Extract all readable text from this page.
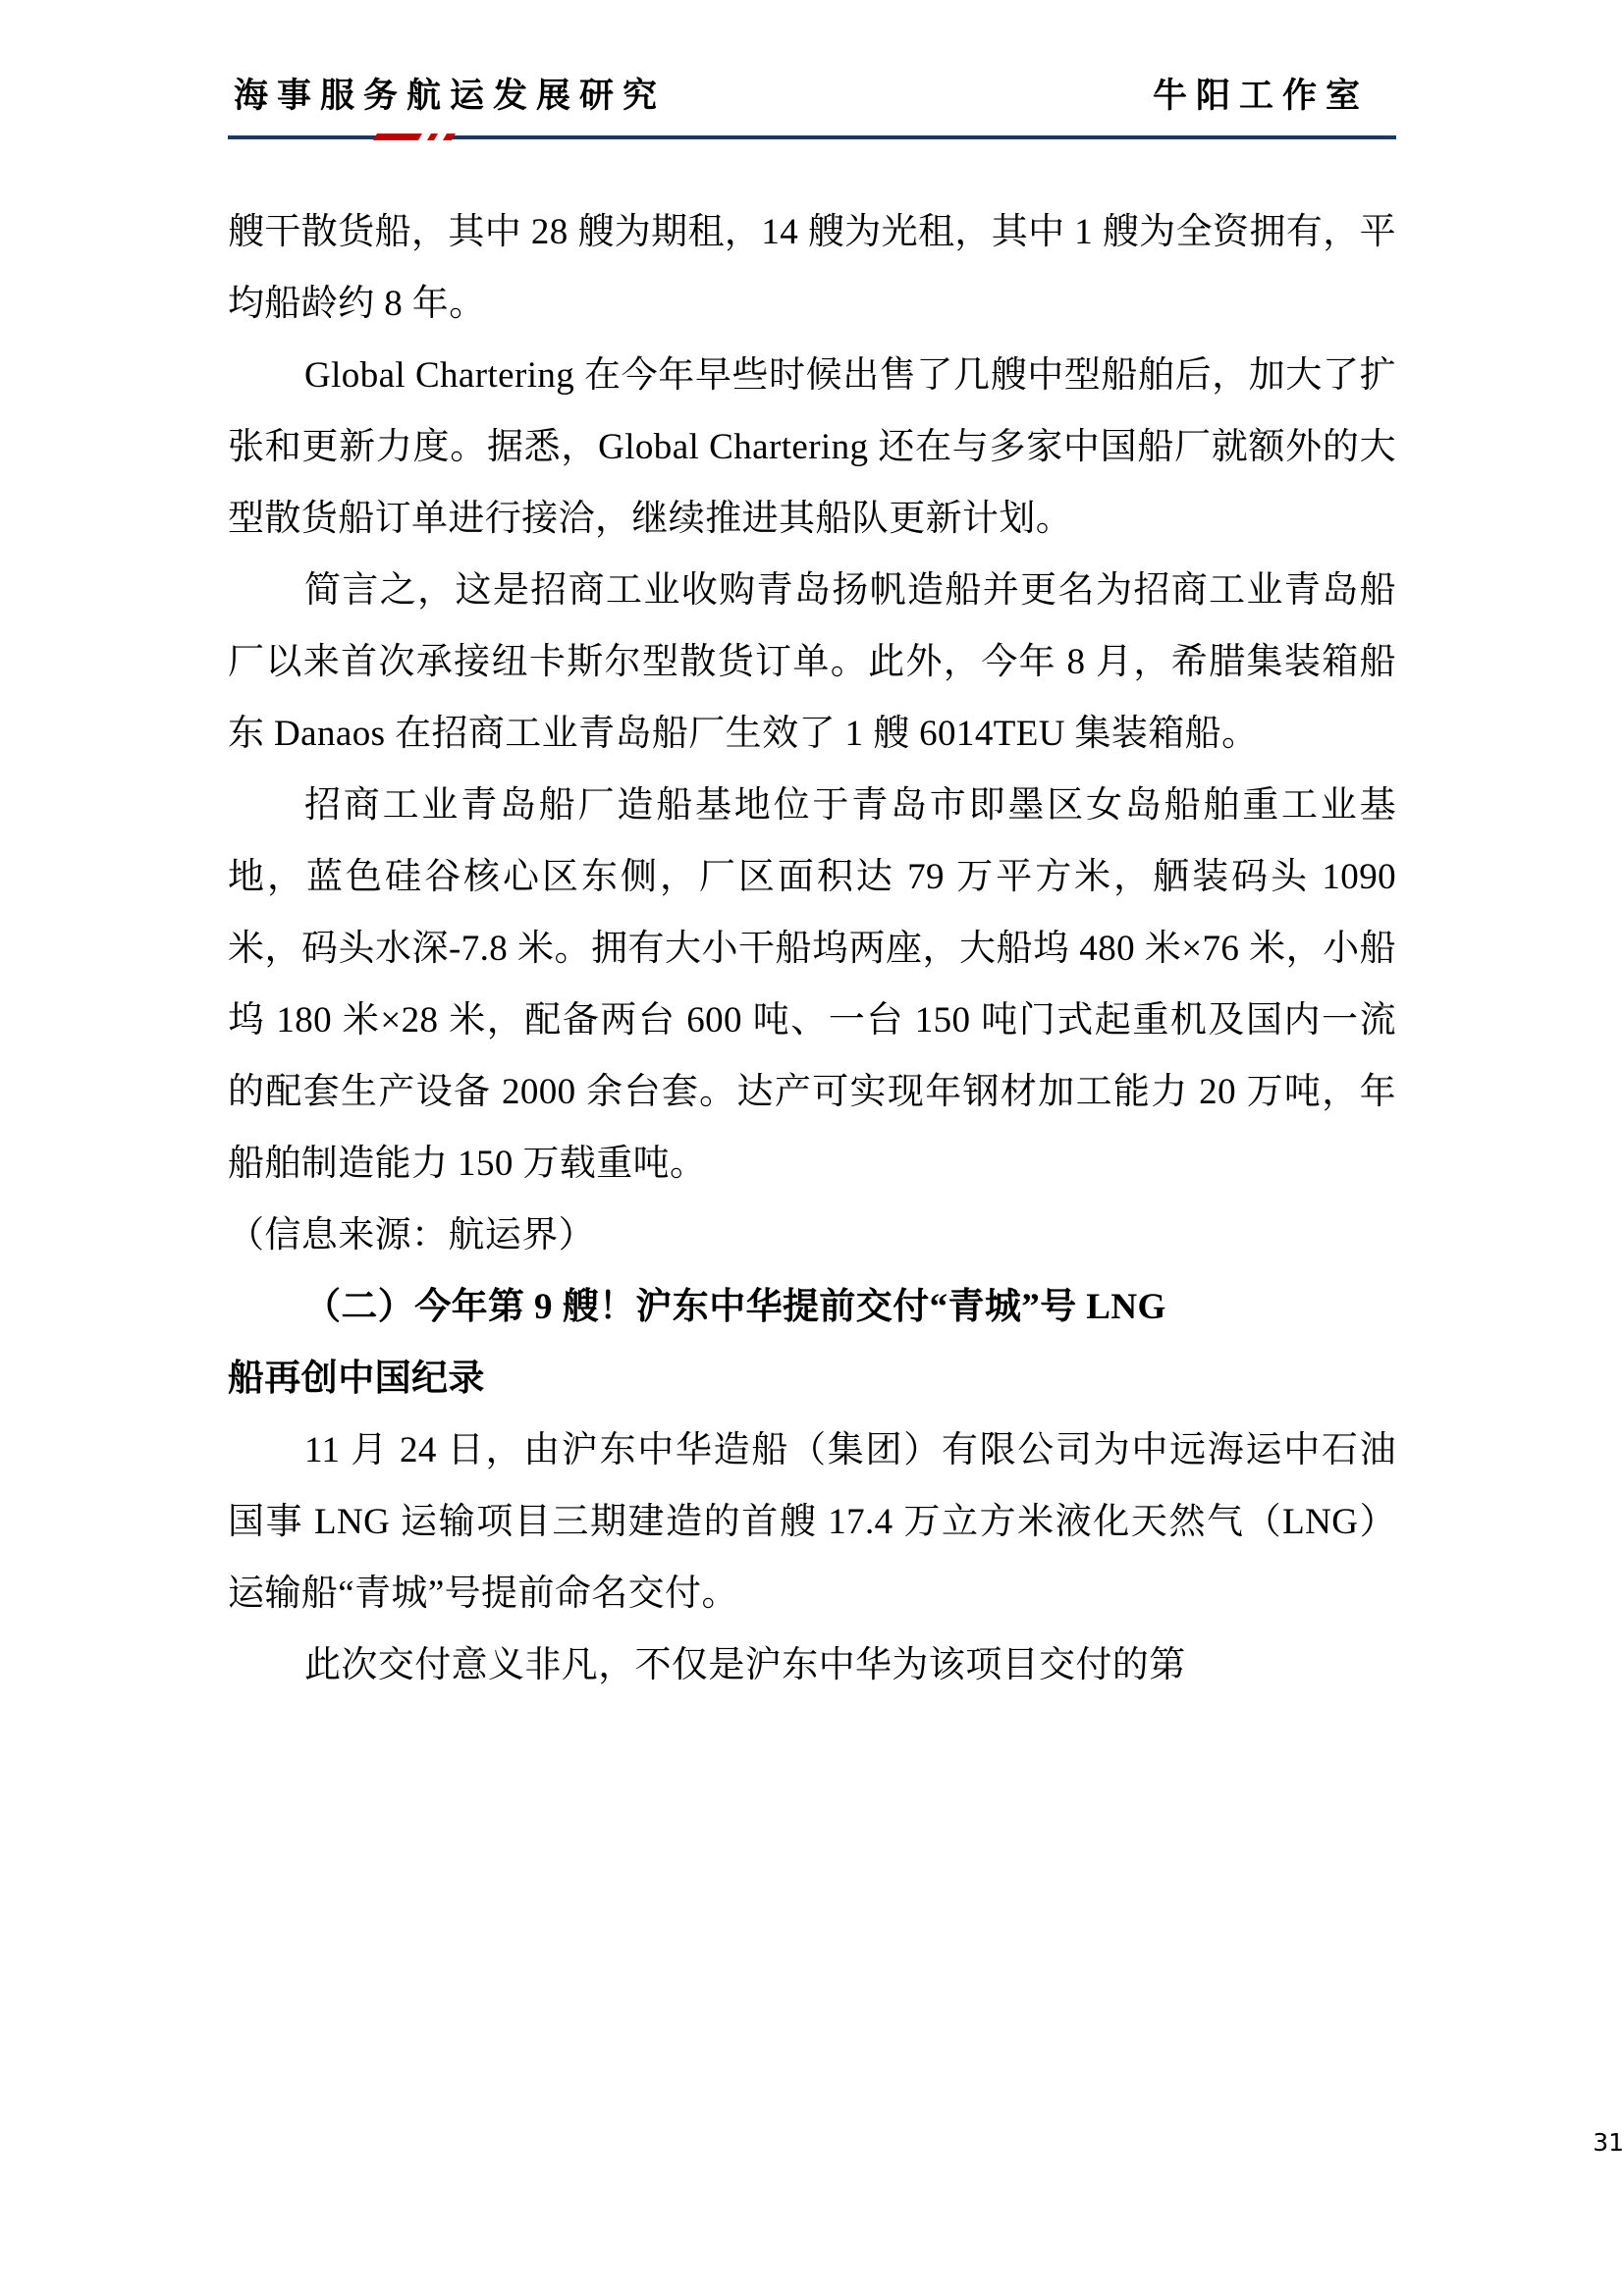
海事服务航运发展研究	牛阳工作室

艘干散货船，其中 28 艘为期租，14 艘为光租，其中 1 艘为全资拥有，平均船龄约 8 年。

Global Chartering 在今年早些时候出售了几艘中型船舶后，加大了扩张和更新力度。据悉，Global Chartering 还在与多家中国船厂就额外的大型散货船订单进行接洽，继续推进其船队更新计划。

简言之，这是招商工业收购青岛扬帆造船并更名为招商工业青岛船厂以来首次承接纽卡斯尔型散货订单。此外，今年 8 月，希腊集装箱船东 Danaos 在招商工业青岛船厂生效了 1 艘 6014TEU 集装箱船。

招商工业青岛船厂造船基地位于青岛市即墨区女岛船舶重工业基地，蓝色硅谷核心区东侧，厂区面积达 79 万平方米，舾装码头 1090 米，码头水深-7.8 米。拥有大小干船坞两座，大船坞 480 米×76 米，小船坞 180 米×28 米，配备两台 600 吨、一台 150 吨门式起重机及国内一流的配套生产设备 2000 余台套。达产可实现年钢材加工能力 20 万吨，年船舶制造能力 150 万载重吨。

（信息来源：航运界）

（二）今年第 9 艘！沪东中华提前交付“青城”号 LNG

船再创中国纪录

11 月 24 日，由沪东中华造船（集团）有限公司为中远海运中石油国事 LNG 运输项目三期建造的首艘 17.4 万立方米液化天然气（LNG）运输船“青城”号提前命名交付。

此次交付意义非凡，不仅是沪东中华为该项目交付的第

31
